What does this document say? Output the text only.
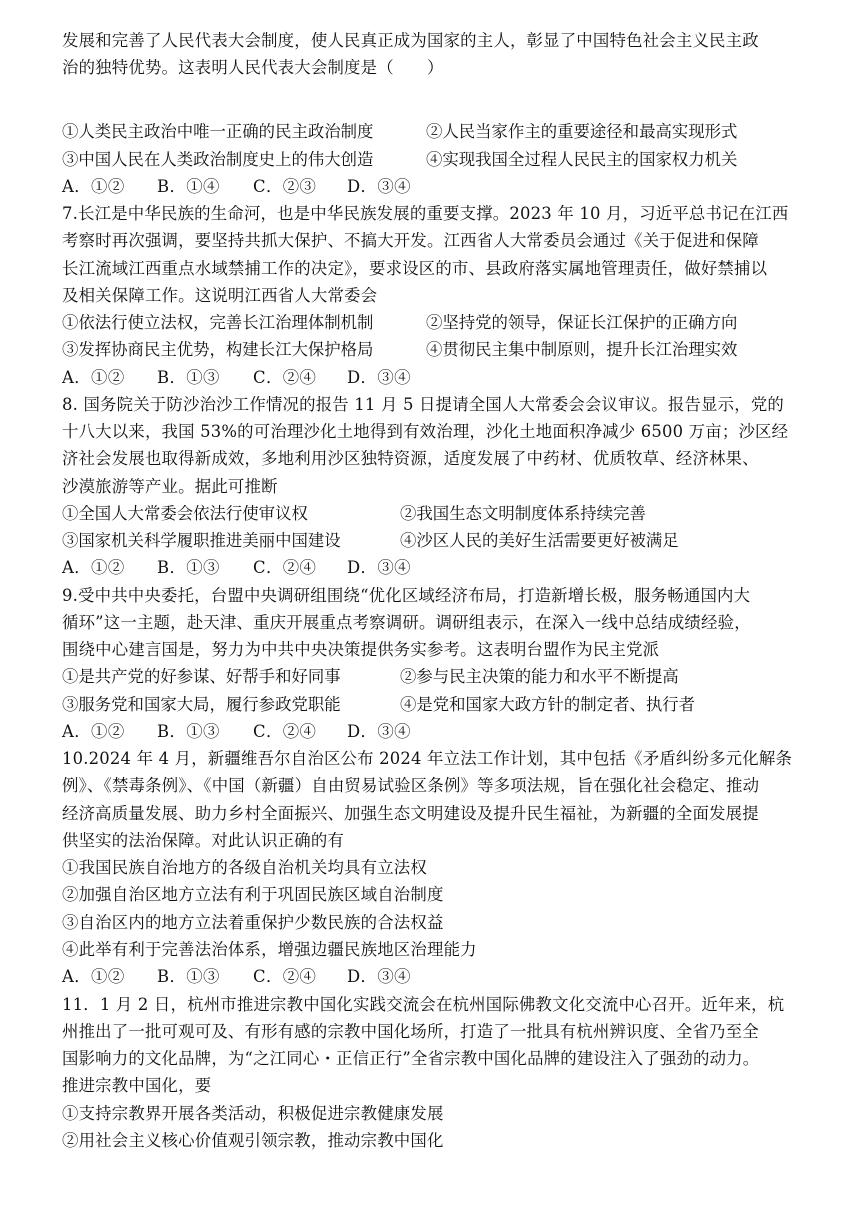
发展和完善了人民代表大会制度，使人民真正成为国家的主人，彰显了中国特色社会主义民主政
治的独特优势。这表明人民代表大会制度是（　　）
①人类民主政治中唯一正确的民主政治制度	②人民当家作主的重要途径和最高实现形式
③中国人民在人类政治制度史上的伟大创造	④实现我国全过程人民民主的国家权力机关
A．①② B．①④ C．②③ D．③④
7.长江是中华民族的生命河，也是中华民族发展的重要支撑。2023 年 10 月，习近平总书记在江西
考察时再次强调，要坚持共抓大保护、不搞大开发。江西省人大常委员会通过《关于促进和保障
长江流域江西重点水域禁捕工作的决定》，要求设区的市、县政府落实属地管理责任，做好禁捕以
及相关保障工作。这说明江西省人大常委会
①依法行使立法权，完善长江治理体制机制	②坚持党的领导，保证长江保护的正确方向
③发挥协商民主优势，构建长江大保护格局	④贯彻民主集中制原则，提升长江治理实效
A．①② B．①③ C．②④ D．③④
8. 国务院关于防沙治沙工作情况的报告 11 月 5 日提请全国人大常委会会议审议。报告显示，党的
十八大以来，我国 53%的可治理沙化土地得到有效治理，沙化土地面积净减少 6500 万亩；沙区经
济社会发展也取得新成效，多地利用沙区独特资源，适度发展了中药材、优质牧草、经济林果、
沙漠旅游等产业。据此可推断
①全国人大常委会依法行使审议权	②我国生态文明制度体系持续完善
③国家机关科学履职推进美丽中国建设	④沙区人民的美好生活需要更好被满足
A．①② B．①③ C．②④ D．③④
9.受中共中央委托，台盟中央调研组围绕“优化区域经济布局，打造新增长极，服务畅通国内大
循环”这一主题，赴天津、重庆开展重点考察调研。调研组表示，在深入一线中总结成绩经验，
围绕中心建言国是，努力为中共中央决策提供务实参考。这表明台盟作为民主党派
①是共产党的好参谋、好帮手和好同事	②参与民主决策的能力和水平不断提高
③服务党和国家大局，履行参政党职能	④是党和国家大政方针的制定者、执行者
A．①② B．①③ C．②④ D．③④
10.2024 年 4 月，新疆维吾尔自治区公布 2024 年立法工作计划，其中包括《矛盾纠纷多元化解条
例》、《禁毒条例》、《中国（新疆）自由贸易试验区条例》等多项法规，旨在强化社会稳定、推动
经济高质量发展、助力乡村全面振兴、加强生态文明建设及提升民生福祉，为新疆的全面发展提
供坚实的法治保障。对此认识正确的有
①我国民族自治地方的各级自治机关均具有立法权
②加强自治区地方立法有利于巩固民族区域自治制度
③自治区内的地方立法着重保护少数民族的合法权益
④此举有利于完善法治体系，增强边疆民族地区治理能力
A．①② B．①③ C．②④ D．③④
11．1 月 2 日，杭州市推进宗教中国化实践交流会在杭州国际佛教文化交流中心召开。近年来，杭
州推出了一批可观可及、有形有感的宗教中国化场所，打造了一批具有杭州辨识度、全省乃至全
国影响力的文化品牌，为“之江同心・正信正行”全省宗教中国化品牌的建设注入了强劲的动力。
推进宗教中国化，要
①支持宗教界开展各类活动，积极促进宗教健康发展
②用社会主义核心价值观引领宗教，推动宗教中国化
